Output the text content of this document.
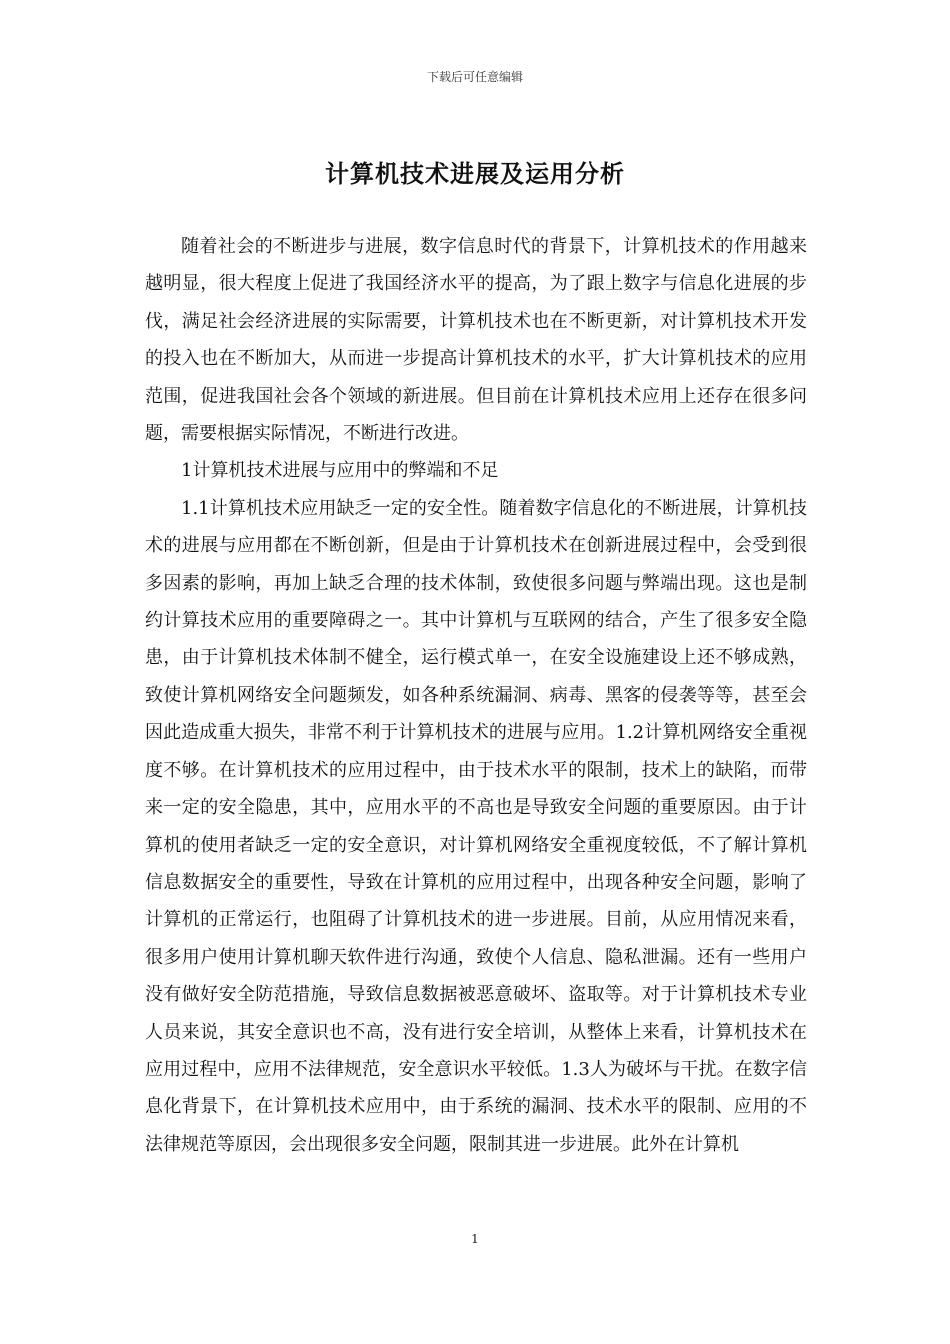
下载后可任意编辑
计算机技术进展及运用分析

随着社会的不断进步与进展，数字信息时代的背景下，计算机技术的作用越来越明显，很大程度上促进了我国经济水平的提高，为了跟上数字与信息化进展的步伐，满足社会经济进展的实际需要，计算机技术也在不断更新，对计算机技术开发的投入也在不断加大，从而进一步提高计算机技术的水平，扩大计算机技术的应用范围，促进我国社会各个领域的新进展。但目前在计算机技术应用上还存在很多问题，需要根据实际情况，不断进行改进。

1计算机技术进展与应用中的弊端和不足

1.1计算机技术应用缺乏一定的安全性。随着数字信息化的不断进展，计算机技术的进展与应用都在不断创新，但是由于计算机技术在创新进展过程中，会受到很多因素的影响，再加上缺乏合理的技术体制，致使很多问题与弊端出现。这也是制约计算技术应用的重要障碍之一。其中计算机与互联网的结合，产生了很多安全隐患，由于计算机技术体制不健全，运行模式单一，在安全设施建设上还不够成熟，致使计算机网络安全问题频发，如各种系统漏洞、病毒、黑客的侵袭等等，甚至会因此造成重大损失，非常不利于计算机技术的进展与应用。1.2计算机网络安全重视度不够。在计算机技术的应用过程中，由于技术水平的限制，技术上的缺陷，而带来一定的安全隐患，其中，应用水平的不高也是导致安全问题的重要原因。由于计算机的使用者缺乏一定的安全意识，对计算机网络安全重视度较低，不了解计算机信息数据安全的重要性，导致在计算机的应用过程中，出现各种安全问题，影响了计算机的正常运行，也阻碍了计算机技术的进一步进展。目前，从应用情况来看，很多用户使用计算机聊天软件进行沟通，致使个人信息、隐私泄漏。还有一些用户没有做好安全防范措施，导致信息数据被恶意破坏、盗取等。对于计算机技术专业人员来说，其安全意识也不高，没有进行安全培训，从整体上来看，计算机技术在应用过程中，应用不法律规范，安全意识水平较低。1.3人为破坏与干扰。在数字信息化背景下，在计算机技术应用中，由于系统的漏洞、技术水平的限制、应用的不法律规范等原因，会出现很多安全问题，限制其进一步进展。此外在计算机

1
